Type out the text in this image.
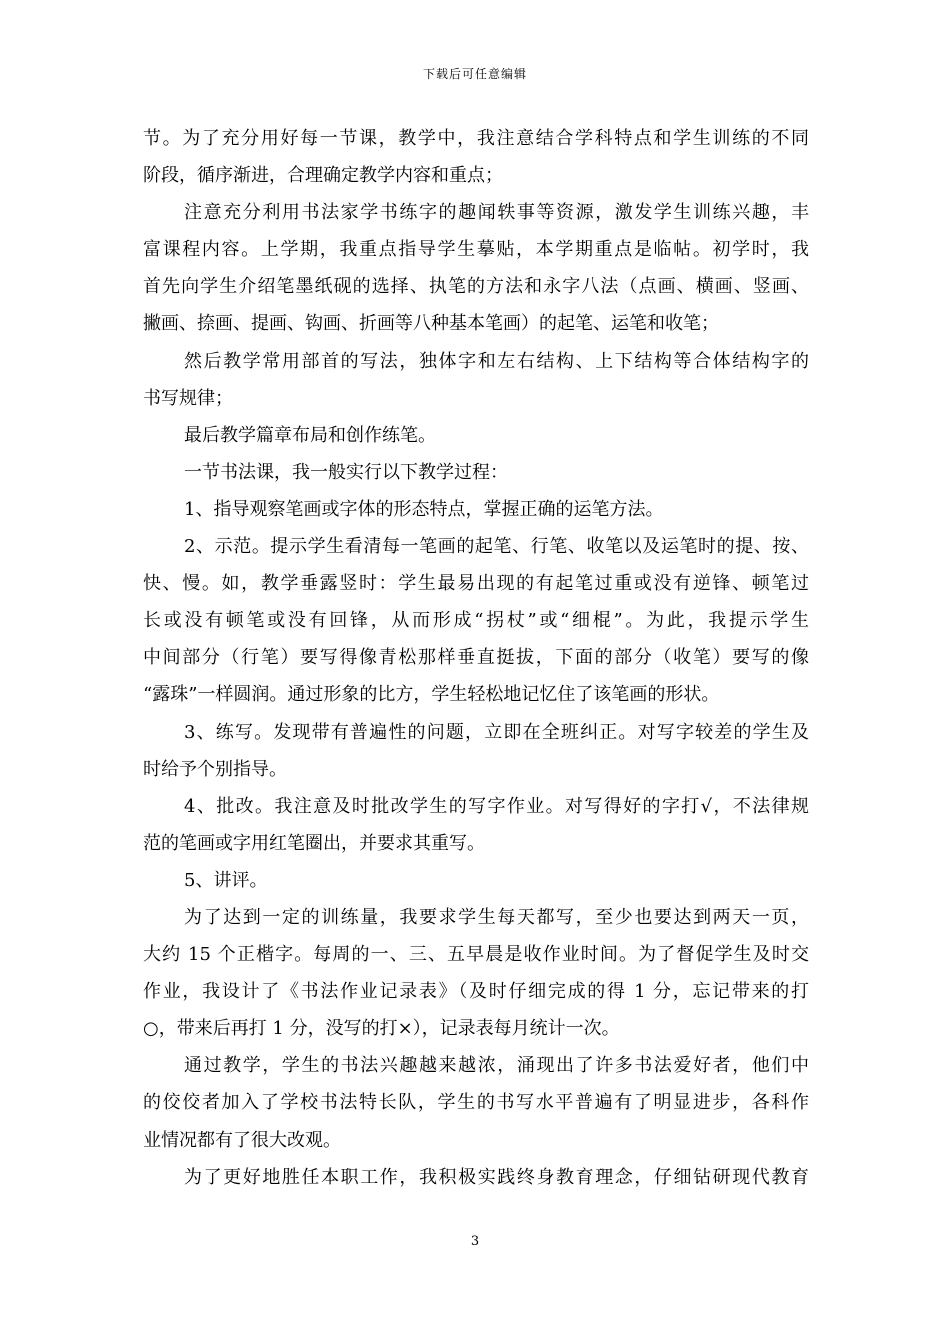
下载后可任意编辑
节。为了充分用好每一节课，教学中，我注意结合学科特点和学生训练的不同
阶段，循序渐进，合理确定教学内容和重点；
注意充分利用书法家学书练字的趣闻轶事等资源，激发学生训练兴趣，丰
富课程内容。上学期，我重点指导学生摹贴，本学期重点是临帖。初学时，我
首先向学生介绍笔墨纸砚的选择、执笔的方法和永字八法（点画、横画、竖画、
撇画、捺画、提画、钩画、折画等八种基本笔画）的起笔、运笔和收笔；
然后教学常用部首的写法，独体字和左右结构、上下结构等合体结构字的
书写规律；
最后教学篇章布局和创作练笔。
一节书法课，我一般实行以下教学过程：
1、指导观察笔画或字体的形态特点，掌握正确的运笔方法。
2、示范。提示学生看清每一笔画的起笔、行笔、收笔以及运笔时的提、按、
快、慢。如，教学垂露竖时：学生最易出现的有起笔过重或没有逆锋、顿笔过
长或没有顿笔或没有回锋，从而形成“拐杖”或“细棍”。为此，我提示学生
中间部分（行笔）要写得像青松那样垂直挺拔，下面的部分（收笔）要写的像
“露珠”一样圆润。通过形象的比方，学生轻松地记忆住了该笔画的形状。
3、练写。发现带有普遍性的问题，立即在全班纠正。对写字较差的学生及
时给予个别指导。
4、批改。我注意及时批改学生的写字作业。对写得好的字打√，不法律规
范的笔画或字用红笔圈出，并要求其重写。
5、讲评。
为了达到一定的训练量，我要求学生每天都写，至少也要达到两天一页，
大约 15 个正楷字。每周的一、三、五早晨是收作业时间。为了督促学生及时交
作业，我设计了《书法作业记录表》（及时仔细完成的得 1 分，忘记带来的打
○，带来后再打 1 分，没写的打×），记录表每月统计一次。
通过教学，学生的书法兴趣越来越浓，涌现出了许多书法爱好者，他们中
的佼佼者加入了学校书法特长队，学生的书写水平普遍有了明显进步，各科作
业情况都有了很大改观。
为了更好地胜任本职工作，我积极实践终身教育理念，仔细钻研现代教育
3
